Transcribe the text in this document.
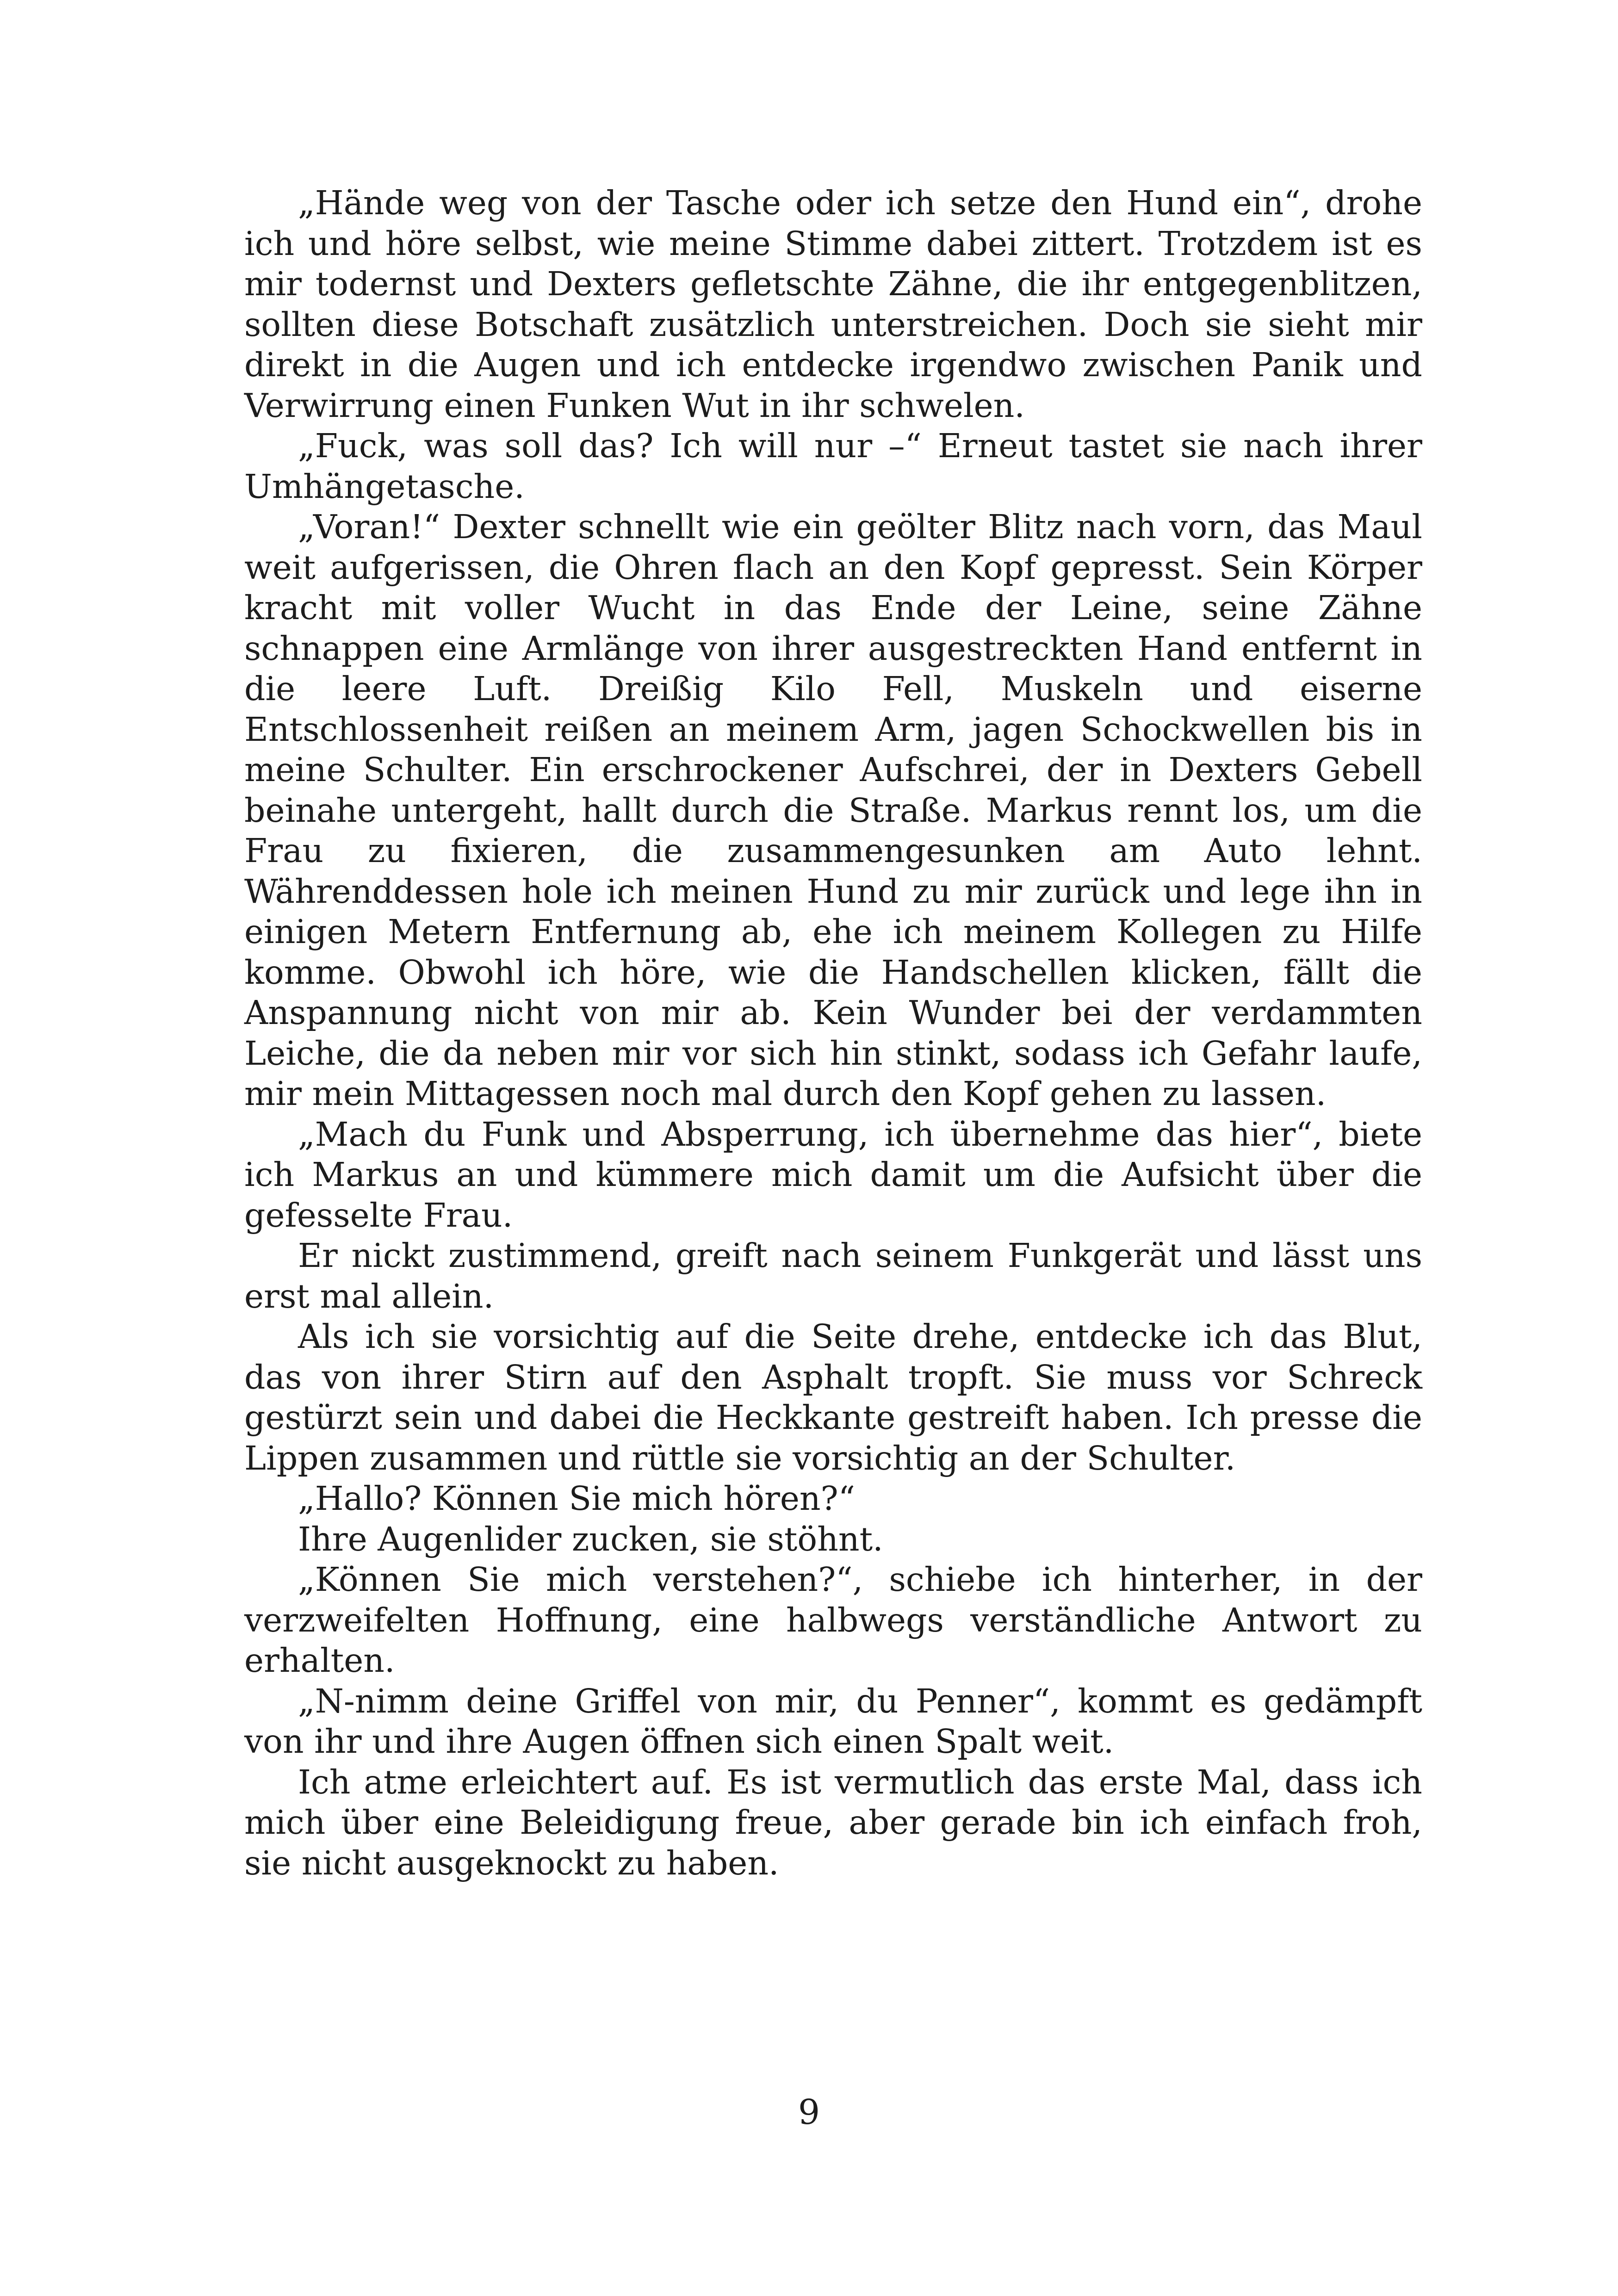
„Hände weg von der Tasche oder ich setze den Hund ein“, drohe ich und höre selbst, wie meine Stimme dabei zittert. Trotzdem ist es mir todernst und Dexters gefletschte Zähne, die ihr entgegenblitzen, sollten diese Botschaft zusätzlich unterstreichen. Doch sie sieht mir direkt in die Augen und ich entdecke irgendwo zwischen Panik und Verwirrung einen Funken Wut in ihr schwelen.

„Fuck, was soll das? Ich will nur –“ Erneut tastet sie nach ihrer Umhängetasche.

„Voran!“ Dexter schnellt wie ein geölter Blitz nach vorn, das Maul weit aufgerissen, die Ohren flach an den Kopf gepresst. Sein Körper kracht mit voller Wucht in das Ende der Leine, seine Zähne schnappen eine Armlänge von ihrer ausgestreckten Hand entfernt in die leere Luft. Dreißig Kilo Fell, Muskeln und eiserne Entschlossenheit reißen an meinem Arm, jagen Schockwellen bis in meine Schulter. Ein erschrockener Aufschrei, der in Dexters Gebell beinahe untergeht, hallt durch die Straße. Markus rennt los, um die Frau zu fixieren, die zusammengesunken am Auto lehnt. Währenddessen hole ich meinen Hund zu mir zurück und lege ihn in einigen Metern Entfernung ab, ehe ich meinem Kollegen zu Hilfe komme. Obwohl ich höre, wie die Handschellen klicken, fällt die Anspannung nicht von mir ab. Kein Wunder bei der verdammten Leiche, die da neben mir vor sich hin stinkt, sodass ich Gefahr laufe, mir mein Mittagessen noch mal durch den Kopf gehen zu lassen.

„Mach du Funk und Absperrung, ich übernehme das hier“, biete ich Markus an und kümmere mich damit um die Aufsicht über die gefesselte Frau.

Er nickt zustimmend, greift nach seinem Funkgerät und lässt uns erst mal allein.

Als ich sie vorsichtig auf die Seite drehe, entdecke ich das Blut, das von ihrer Stirn auf den Asphalt tropft. Sie muss vor Schreck gestürzt sein und dabei die Heckkante gestreift haben. Ich presse die Lippen zusammen und rüttle sie vorsichtig an der Schulter.

„Hallo? Können Sie mich hören?“

Ihre Augenlider zucken, sie stöhnt.

„Können Sie mich verstehen?“, schiebe ich hinterher, in der verzweifelten Hoffnung, eine halbwegs verständliche Antwort zu erhalten.

„N-nimm deine Griffel von mir, du Penner“, kommt es gedämpft von ihr und ihre Augen öffnen sich einen Spalt weit.

Ich atme erleichtert auf. Es ist vermutlich das erste Mal, dass ich mich über eine Beleidigung freue, aber gerade bin ich einfach froh, sie nicht ausgeknockt zu haben.

9
